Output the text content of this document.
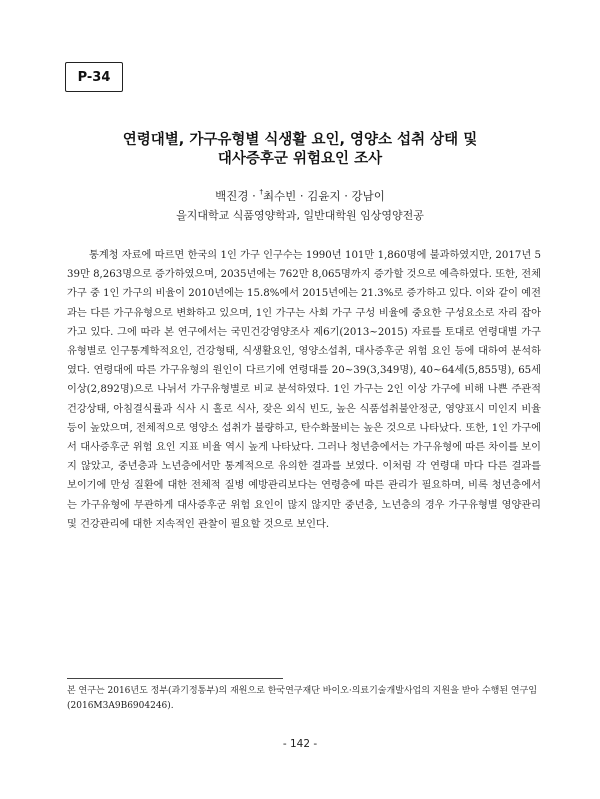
P-34
연령대별, 가구유형별 식생활 요인, 영양소 섭취 상태 및
대사증후군 위험요인 조사
백진경 · †최수빈 · 김윤지 · 강남이
을지대학교 식품영양학과, 일반대학원 임상영양전공

통계청 자료에 따르면 한국의 1인 가구 인구수는 1990년 101만 1,860명에 불과하였지만, 2017년 539만 8,263명으로 증가하였으며, 2035년에는 762만 8,065명까지 증가할 것으로 예측하였다. 또한, 전체가구 중 1인 가구의 비율이 2010년에는 15.8%에서 2015년에는 21.3%로 증가하고 있다. 이와 같이 예전과는 다른 가구유형으로 변화하고 있으며, 1인 가구는 사회 가구 구성 비율에 중요한 구성요소로 자리 잡아가고 있다. 그에 따라 본 연구에서는 국민건강영양조사 제6기(2013~2015) 자료를 토대로 연령대별 가구유형별로 인구통계학적요인, 건강형태, 식생활요인, 영양소섭취, 대사증후군 위험 요인 등에 대하여 분석하였다. 연령대에 따른 가구유형의 원인이 다르기에 연령대를 20~39(3,349명), 40~64세(5,855명), 65세 이상(2,892명)으로 나뉘서 가구유형별로 비교 분석하였다. 1인 가구는 2인 이상 가구에 비해 나쁜 주관적 건강상태, 아침결식률과 식사 시 홀로 식사, 잦은 외식 빈도, 높은 식품섭취불안정군, 영양표시 미인지 비율 등이 높았으며, 전체적으로 영양소 섭취가 불량하고, 탄수화물비는 높은 것으로 나타났다. 또한, 1인 가구에서 대사증후군 위험 요인 지표 비율 역시 높게 나타났다. 그러나 청년층에서는 가구유형에 따른 차이를 보이지 않았고, 중년층과 노년층에서만 통계적으로 유의한 결과를 보였다. 이처럼 각 연령대 마다 다른 결과를 보이기에 만성 질환에 대한 전체적 질병 예방관리보다는 연령층에 따른 관리가 필요하며, 비록 청년층에서는 가구유형에 무관하게 대사증후군 위험 요인이 많지 않지만 중년층, 노년층의 경우 가구유형별 영양관리 및 건강관리에 대한 지속적인 관찰이 필요할 것으로 보인다.

본 연구는 2016년도 정부(과기정통부)의 재원으로 한국연구재단 바이오·의료기술개발사업의 지원을 받아 수행된 연구임(2016M3A9B6904246).

- 142 -
